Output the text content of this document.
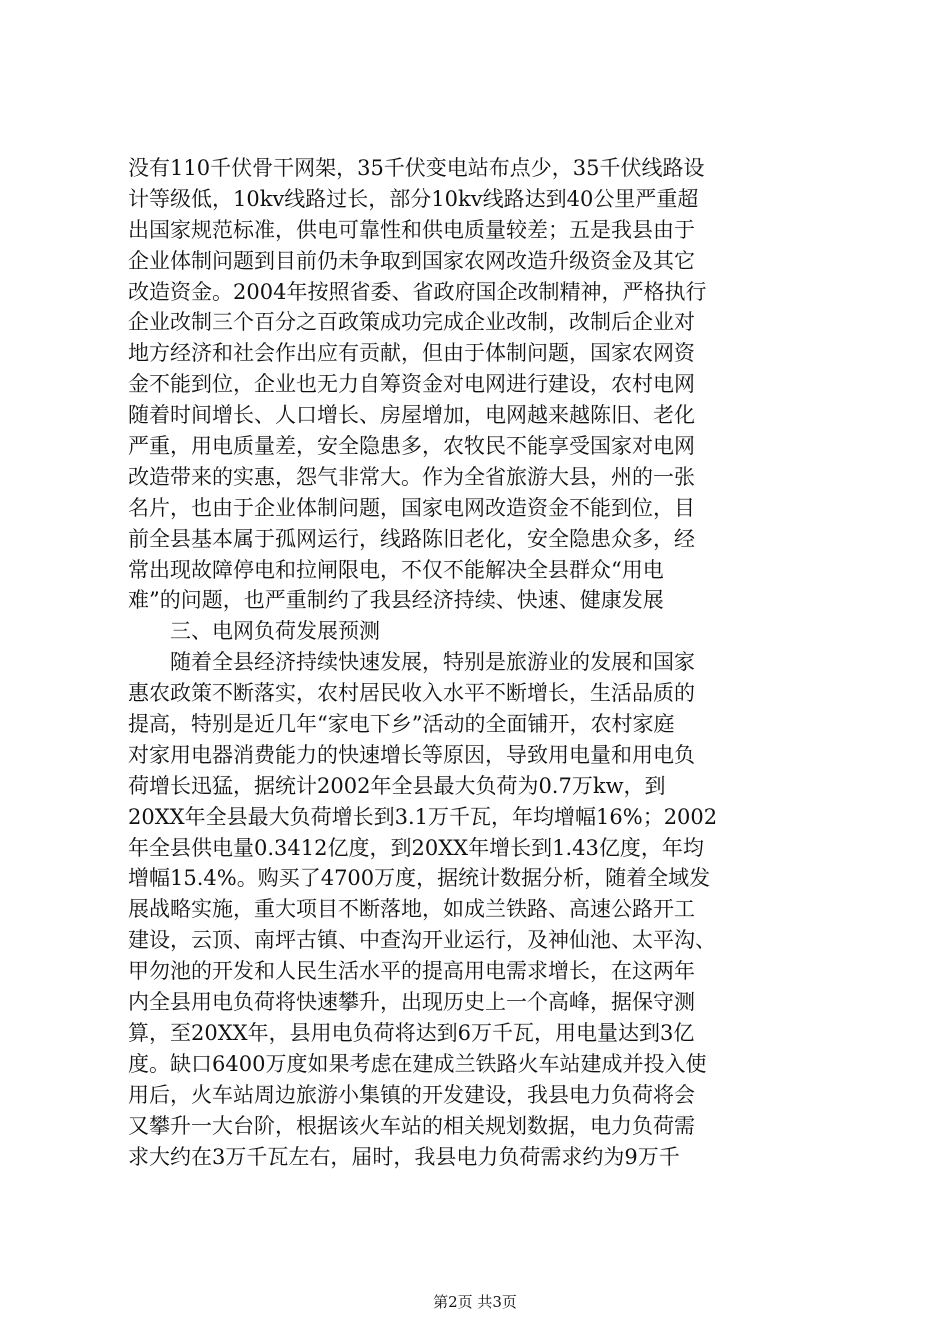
没有110千伏骨干网架，35千伏变电站布点少，35千伏线路设
计等级低，10kv线路过长，部分10kv线路达到40公里严重超
出国家规范标准，供电可靠性和供电质量较差；五是我县由于
企业体制问题到目前仍未争取到国家农网改造升级资金及其它
改造资金。2004年按照省委、省政府国企改制精神，严格执行
企业改制三个百分之百政策成功完成企业改制，改制后企业对
地方经济和社会作出应有贡献，但由于体制问题，国家农网资
金不能到位，企业也无力自筹资金对电网进行建设，农村电网
随着时间增长、人口增长、房屋增加，电网越来越陈旧、老化
严重，用电质量差，安全隐患多，农牧民不能享受国家对电网
改造带来的实惠，怨气非常大。作为全省旅游大县，州的一张
名片，也由于企业体制问题，国家电网改造资金不能到位，目
前全县基本属于孤网运行，线路陈旧老化，安全隐患众多，经
常出现故障停电和拉闸限电，不仅不能解决全县群众“用电
难”的问题，也严重制约了我县经济持续、快速、健康发展
　　三、电网负荷发展预测
　　随着全县经济持续快速发展，特别是旅游业的发展和国家
惠农政策不断落实，农村居民收入水平不断增长，生活品质的
提高，特别是近几年“家电下乡”活动的全面铺开，农村家庭
对家用电器消费能力的快速增长等原因，导致用电量和用电负
荷增长迅猛，据统计2002年全县最大负荷为0.7万kw，到
20XX年全县最大负荷增长到3.1万千瓦，年均增幅16%；2002
年全县供电量0.3412亿度，到20XX年增长到1.43亿度，年均
增幅15.4%。购买了4700万度，据统计数据分析，随着全域发
展战略实施，重大项目不断落地，如成兰铁路、高速公路开工
建设，云顶、南坪古镇、中查沟开业运行，及神仙池、太平沟、
甲勿池的开发和人民生活水平的提高用电需求增长，在这两年
内全县用电负荷将快速攀升，出现历史上一个高峰，据保守测
算，至20XX年，县用电负荷将达到6万千瓦，用电量达到3亿
度。缺口6400万度如果考虑在建成兰铁路火车站建成并投入使
用后，火车站周边旅游小集镇的开发建设，我县电力负荷将会
又攀升一大台阶，根据该火车站的相关规划数据，电力负荷需
求大约在3万千瓦左右，届时，我县电力负荷需求约为9万千
第2页 共3页
